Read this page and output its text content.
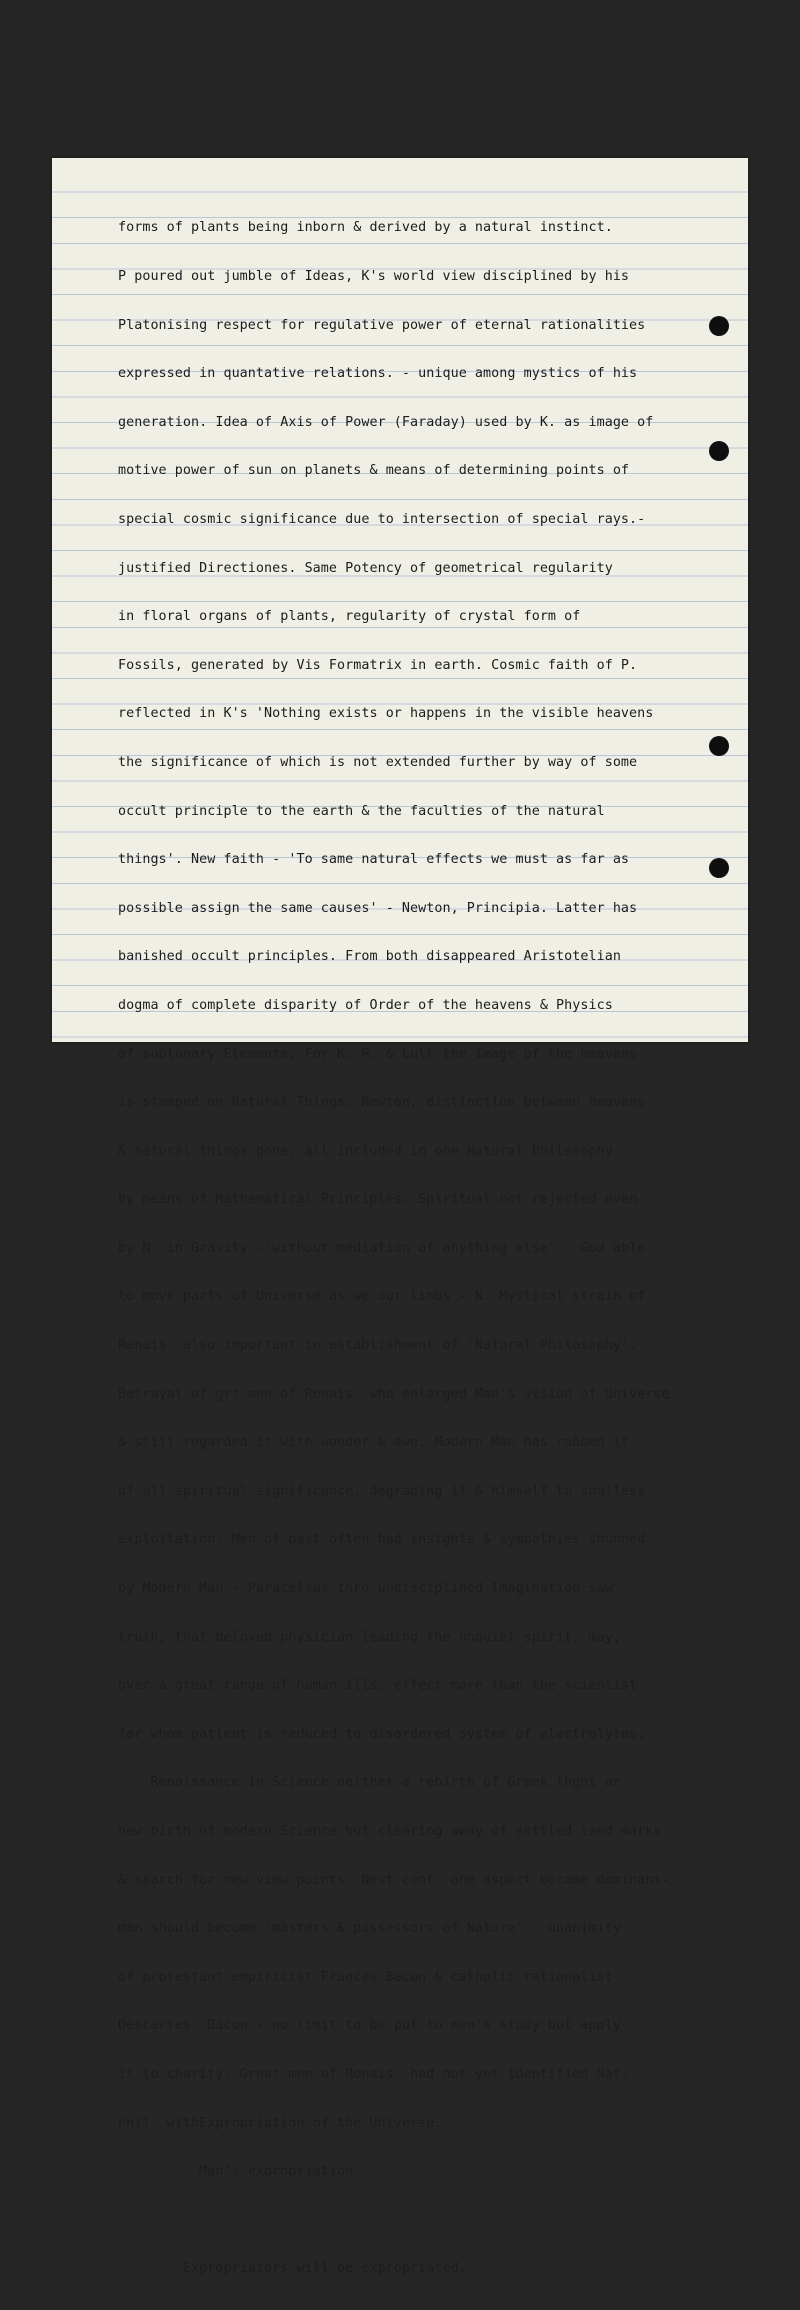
forms of plants being inborn & derived by a natural instinct.

P poured out jumble of Ideas, K's world view disciplined by his

Platonising respect for regulative power of eternal rationalities

expressed in quantative relations. - unique among mystics of his

generation. Idea of Axis of Power (Faraday) used by K. as image of

motive power of sun on planets & means of determining points of

special cosmic significance due to intersection of special rays.-

justified Directiones. Same Potency of geometrical regularity

in floral organs of plants, regularity of crystal form of

Fossils, generated by Vis Formatrix in earth. Cosmic faith of P.

reflected in K's 'Nothing exists or happens in the visible heavens

the significance of which is not extended further by way of some

occult principle to the earth & the faculties of the natural

things'. New faith - 'To same natural effects we must as far as

possible assign the same causes' - Newton, Principia. Latter has

banished occult principles. From both disappeared Aristotelian

dogma of complete disparity of Order of the heavens & Physics

of sublunary Elements. For K. P. & Lull the Image of the heavens

is stamped on Natural Things. Newton, distinction between heavens

& natural things gone, all included in one Natural Philosophy

by means of Mathematical Principles. Spiritual not rejected even

by N. in Gravity -'without mediation of anything else' - God able

to move parts of Universe as we our limbs - N. Mystical strain of

Renais. also important in establishment of 'Natural Philosophy'.

Betrayal of grt men of Renais. who enlarged Man's vision of Universe

& still regarded it with wonder & awe. Modern Man has robbed it

of all spiritual significance, degrading it & himself to soulless

exploitation. Men of past often had insights & sympathies shunned

by Modern Man - Paracelsus thro undisciplined Imagination saw

truth, that beloved physician leading the unquiet spirit, may,

over a great range of human ills, effect more than the scientist

for whom patient is reduced to disordered system of electrolytes.

Renaissance in Science neither a rebirth of Greek thght or

new birth of modern Science but clearing away of settled land marks

& search for new view points. Next cent. one aspect became dominant-

man should become 'masters & possessors of Nature' - unanimity

of protestant empiricist Frances Bacon & catholic rationalist

Descartes. Bacon - no limit to be put to men's study but apply

it to charity. Great men of Renais. had not yet identified Nat.

Phil. withExpropriation of the Universe.

Man's expropriation

Expropriators will be expropriated.
